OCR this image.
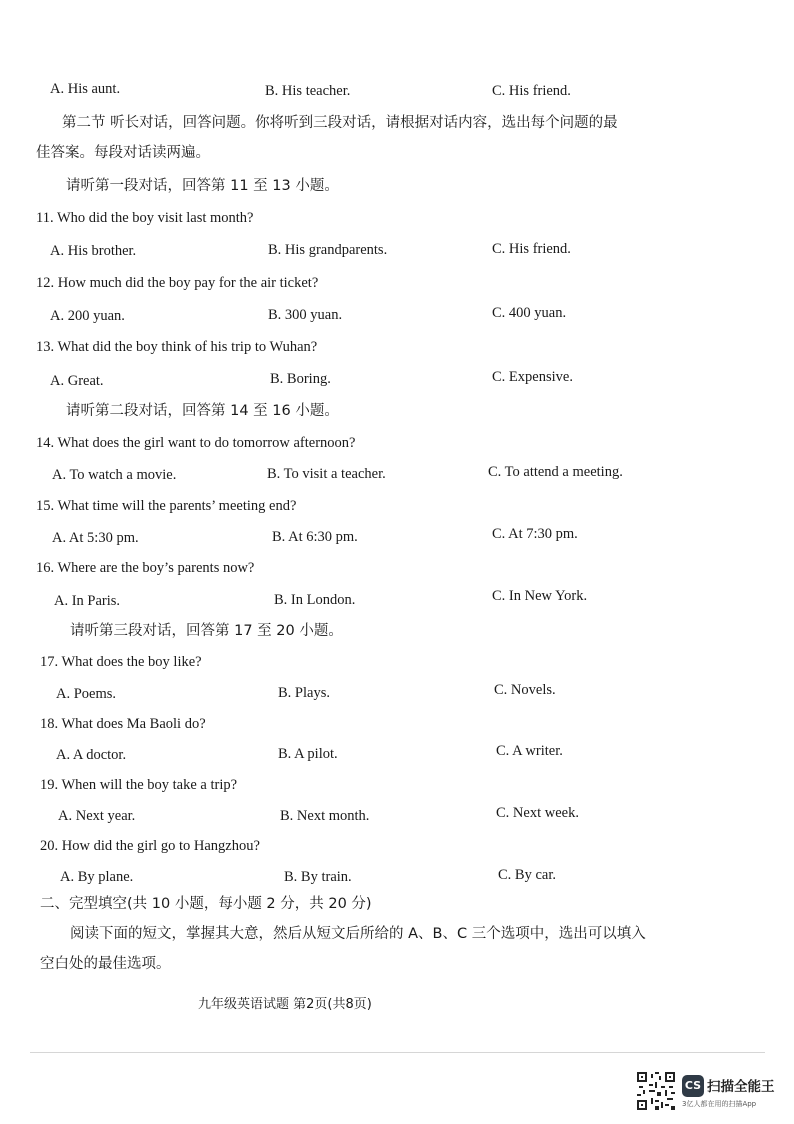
A. His aunt.	B. His teacher.	C. His friend.
第二节 听长对话，回答问题。你将听到三段对话，请根据对话内容，选出每个问题的最
佳答案。每段对话读两遍。
请听第一段对话，回答第 11 至 13 小题。
11. Who did the boy visit last month?
A. His brother.	B. His grandparents.	C. His friend.
12. How much did the boy pay for the air ticket?
A. 200 yuan.	B. 300 yuan.	C. 400 yuan.
13. What did the boy think of his trip to Wuhan?
A. Great.	B. Boring.	C. Expensive.
请听第二段对话，回答第 14 至 16 小题。
14. What does the girl want to do tomorrow afternoon?
A. To watch a movie.	B. To visit a teacher.	C. To attend a meeting.
15. What time will the parents’ meeting end?
A. At 5:30 pm.	B. At 6:30 pm.	C. At 7:30 pm.
16. Where are the boy’s parents now?
A. In Paris.	B. In London.	C. In New York.
请听第三段对话，回答第 17 至 20 小题。
17. What does the boy like?
A. Poems.	B. Plays.	C. Novels.
18. What does Ma Baoli do?
A. A doctor.	B. A pilot.	C. A writer.
19. When will the boy take a trip?
A. Next year.	B. Next month.	C. Next week.
20. How did the girl go to Hangzhou?
A. By plane.	B. By train.	C. By car.
二、完型填空(共 10 小题，每小题 2 分，共 20 分)
阅读下面的短文，掌握其大意，然后从短文后所给的 A、B、C 三个选项中，选出可以填入
空白处的最佳选项。
九年级英语试题 第2页(共8页)
CS 扫描全能王
3亿人都在用的扫描App
